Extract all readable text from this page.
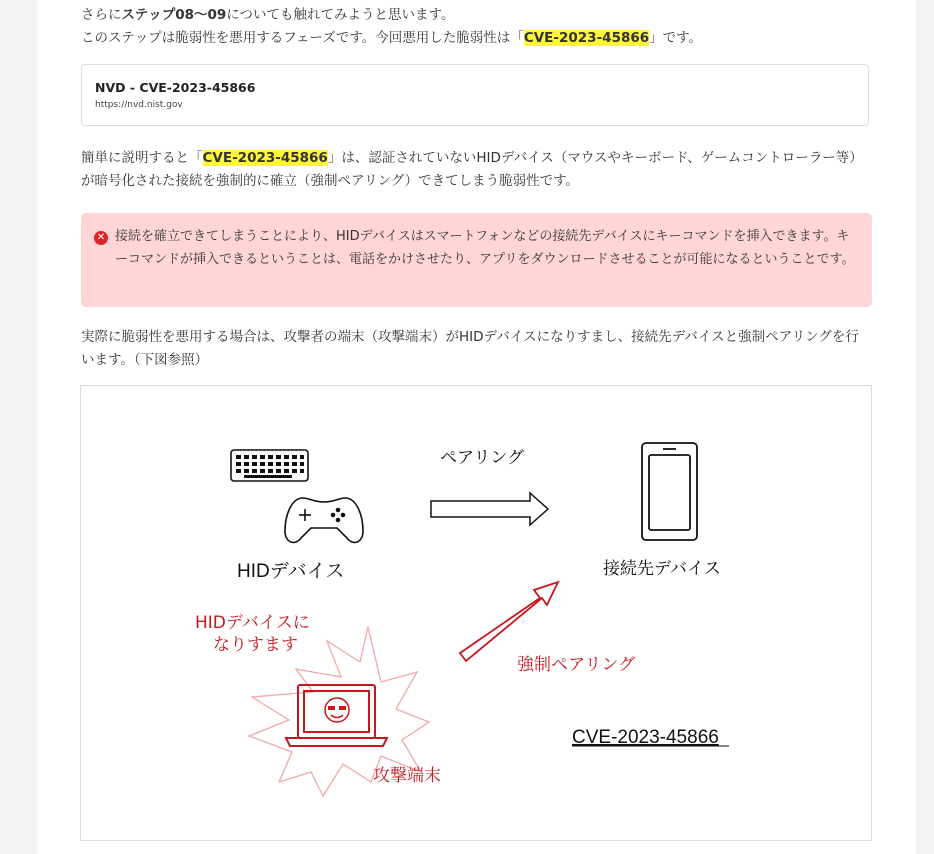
さらにステップ08〜09についても触れてみようと思います。
このステップは脆弱性を悪用するフェーズです。今回悪用した脆弱性は「CVE-2023-45866」です。

NVD - CVE-2023-45866
https://nvd.nist.gov

簡単に説明すると「CVE-2023-45866」は、認証されていないHIDデバイス（マウスやキーボード、ゲームコントローラー等）が暗号化された接続を強制的に確立（強制ペアリング）できてしまう脆弱性です。

✕ 接続を確立できてしまうことにより、HIDデバイスはスマートフォンなどの接続先デバイスにキーコマンドを挿入できます。キーコマンドが挿入できるということは、電話をかけさせたり、アプリをダウンロードさせることが可能になるということです。

実際に脆弱性を悪用する場合は、攻撃者の端末（攻撃端末）がHIDデバイスになりすまし、接続先デバイスと強制ペアリングを行います。（下図参照）

HIDデバイス
ペアリング
接続先デバイス
HIDデバイスに
なりすます
攻撃端末
強制ペアリング
CVE-2023-45866
